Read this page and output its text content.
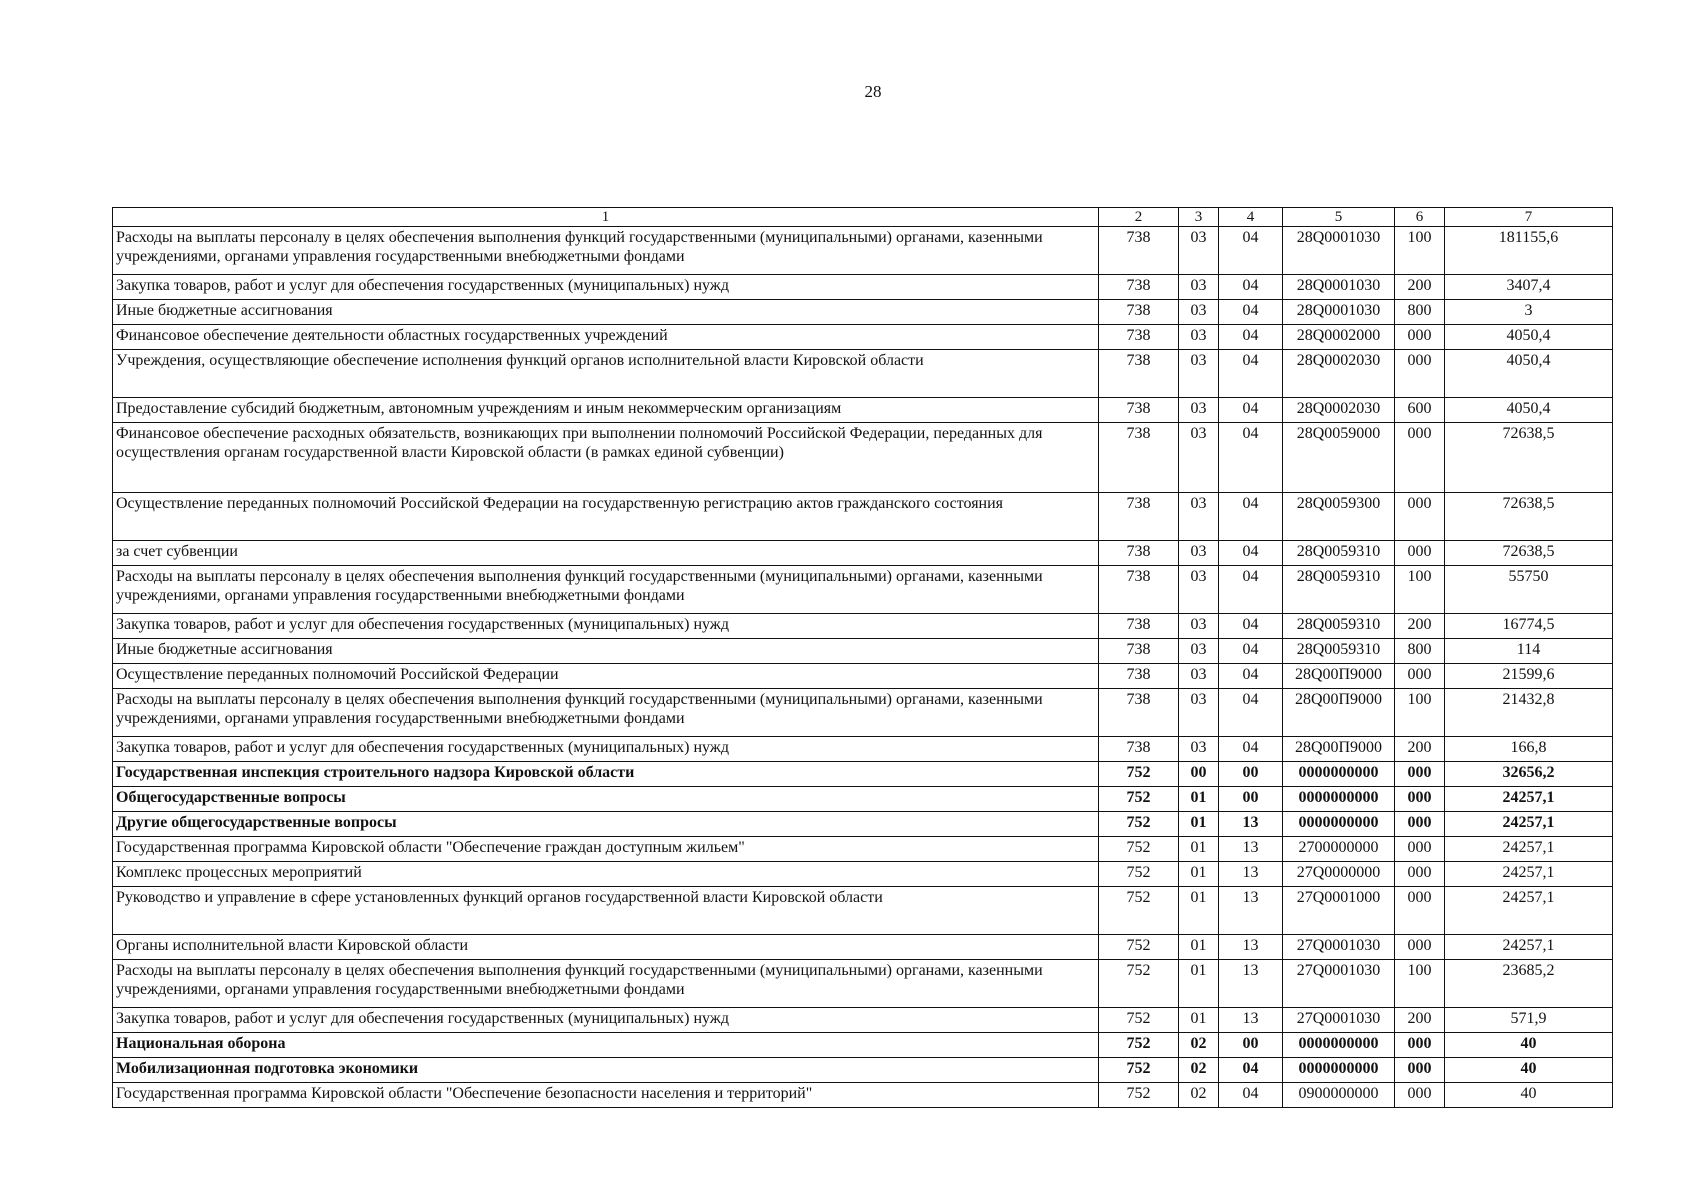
28
1	2	3	4	5	6	7
Расходы на выплаты персоналу в целях обеспечения выполнения функций государственными (муниципальными) органами, казенными учреждениями, органами управления государственными внебюджетными фондами	738	03	04	28Q0001030	100	181155,6
Закупка товаров, работ и услуг для обеспечения государственных (муниципальных) нужд	738	03	04	28Q0001030	200	3407,4
Иные бюджетные ассигнования	738	03	04	28Q0001030	800	3
Финансовое обеспечение деятельности областных государственных учреждений	738	03	04	28Q0002000	000	4050,4
Учреждения, осуществляющие обеспечение исполнения функций органов исполнительной власти Кировской области	738	03	04	28Q0002030	000	4050,4
Предоставление субсидий бюджетным, автономным учреждениям и иным некоммерческим организациям	738	03	04	28Q0002030	600	4050,4
Финансовое обеспечение расходных обязательств, возникающих при выполнении полномочий Российской Федерации, переданных для осуществления органам государственной власти Кировской области (в рамках единой субвенции)	738	03	04	28Q0059000	000	72638,5
Осуществление переданных полномочий Российской Федерации на государственную регистрацию актов гражданского состояния	738	03	04	28Q0059300	000	72638,5
за счет субвенции	738	03	04	28Q0059310	000	72638,5
Расходы на выплаты персоналу в целях обеспечения выполнения функций государственными (муниципальными) органами, казенными учреждениями, органами управления государственными внебюджетными фондами	738	03	04	28Q0059310	100	55750
Закупка товаров, работ и услуг для обеспечения государственных (муниципальных) нужд	738	03	04	28Q0059310	200	16774,5
Иные бюджетные ассигнования	738	03	04	28Q0059310	800	114
Осуществление переданных полномочий Российской Федерации	738	03	04	28Q00П9000	000	21599,6
Расходы на выплаты персоналу в целях обеспечения выполнения функций государственными (муниципальными) органами, казенными учреждениями, органами управления государственными внебюджетными фондами	738	03	04	28Q00П9000	100	21432,8
Закупка товаров, работ и услуг для обеспечения государственных (муниципальных) нужд	738	03	04	28Q00П9000	200	166,8
Государственная инспекция строительного надзора Кировской области	752	00	00	0000000000	000	32656,2
Общегосударственные вопросы	752	01	00	0000000000	000	24257,1
Другие общегосударственные вопросы	752	01	13	0000000000	000	24257,1
Государственная программа Кировской области "Обеспечение граждан доступным жильем"	752	01	13	2700000000	000	24257,1
Комплекс процессных мероприятий	752	01	13	27Q0000000	000	24257,1
Руководство и управление в сфере установленных функций органов государственной власти Кировской области	752	01	13	27Q0001000	000	24257,1
Органы исполнительной власти Кировской области	752	01	13	27Q0001030	000	24257,1
Расходы на выплаты персоналу в целях обеспечения выполнения функций государственными (муниципальными) органами, казенными учреждениями, органами управления государственными внебюджетными фондами	752	01	13	27Q0001030	100	23685,2
Закупка товаров, работ и услуг для обеспечения государственных (муниципальных) нужд	752	01	13	27Q0001030	200	571,9
Национальная оборона	752	02	00	0000000000	000	40
Мобилизационная подготовка экономики	752	02	04	0000000000	000	40
Государственная программа Кировской области "Обеспечение безопасности населения и территорий"	752	02	04	0900000000	000	40
